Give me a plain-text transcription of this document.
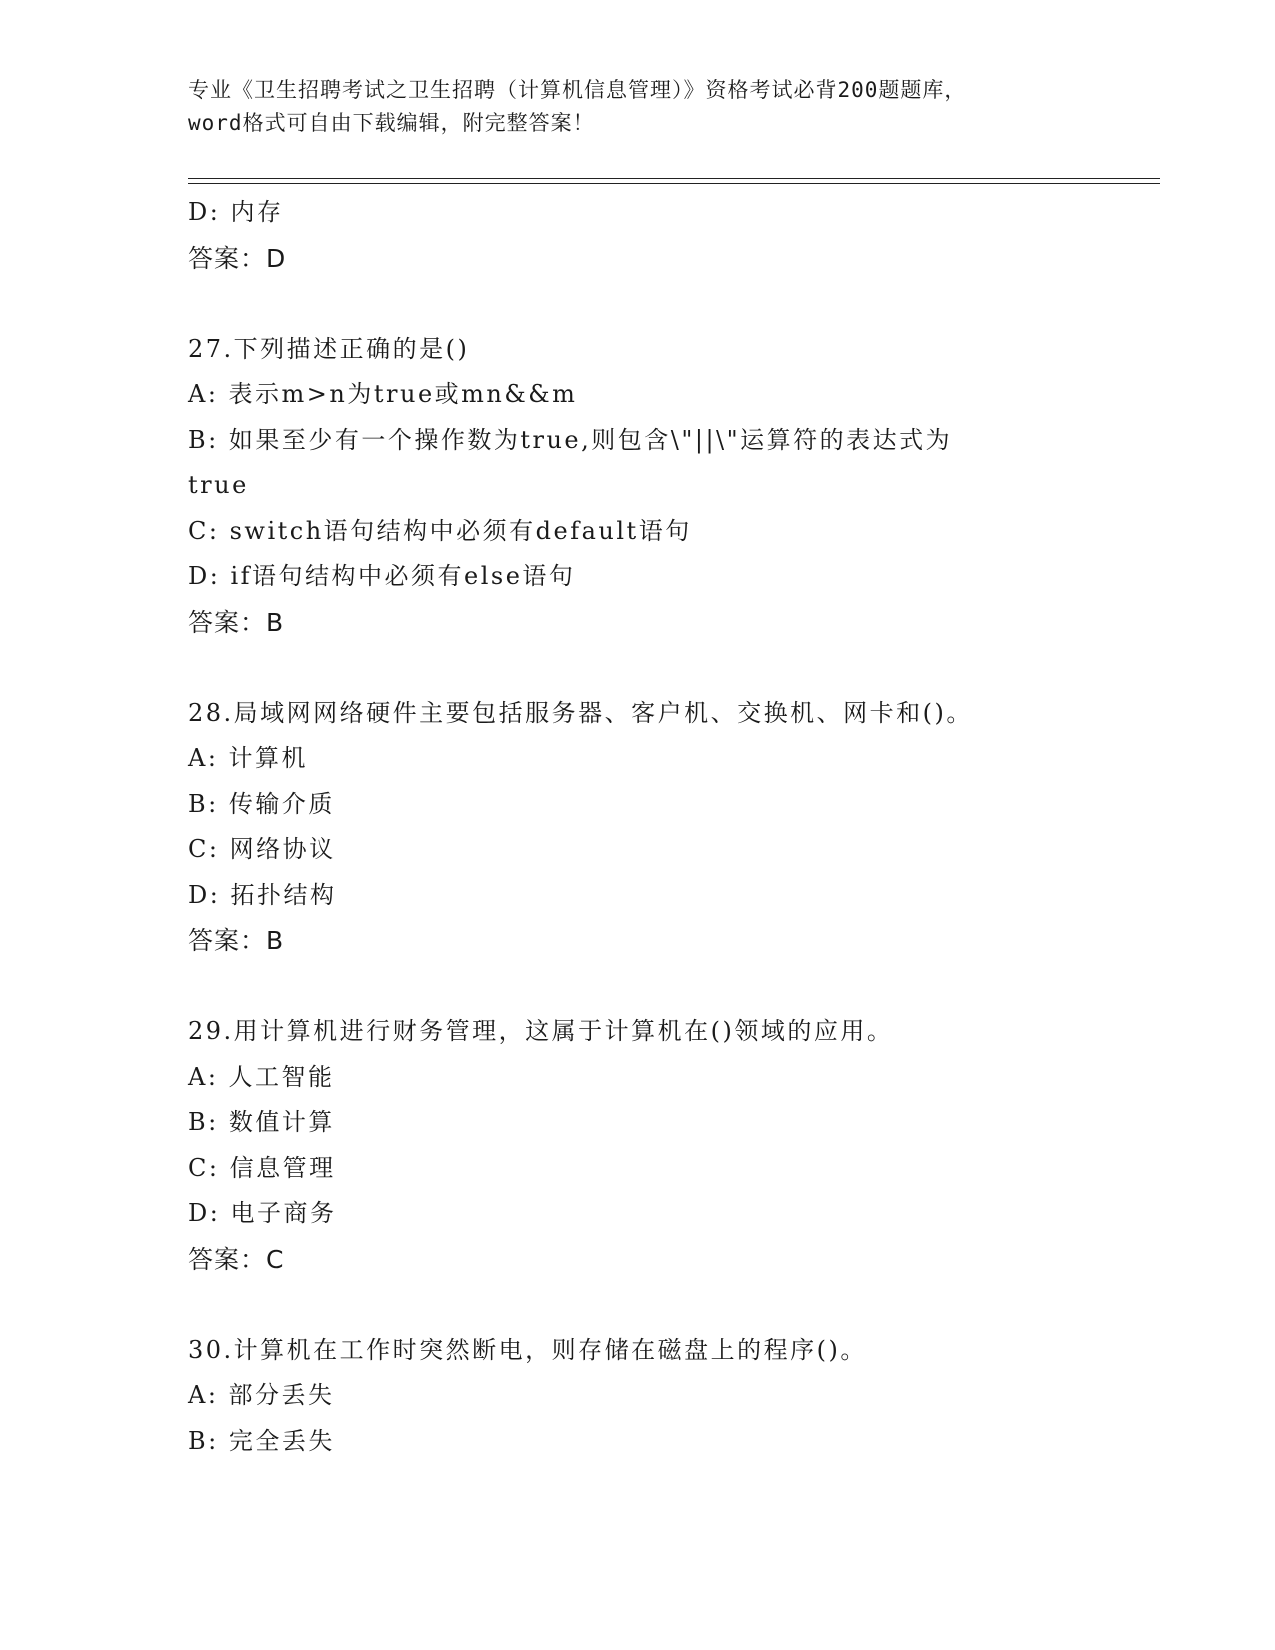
专业《卫生招聘考试之卫生招聘（计算机信息管理）》资格考试必背200题题库，
word格式可自由下载编辑，附完整答案！
D: 内存
答案：D
27.下列描述正确的是()
A: 表示m>n为true或mn&&m
B: 如果至少有一个操作数为true,则包含\"||\"运算符的表达式为
true
C: switch语句结构中必须有default语句
D: if语句结构中必须有else语句
答案：B
28.局域网网络硬件主要包括服务器、客户机、交换机、网卡和()。
A: 计算机
B: 传输介质
C: 网络协议
D: 拓扑结构
答案：B
29.用计算机进行财务管理，这属于计算机在()领域的应用。
A: 人工智能
B: 数值计算
C: 信息管理
D: 电子商务
答案：C
30.计算机在工作时突然断电，则存储在磁盘上的程序()。
A: 部分丢失
B: 完全丢失
